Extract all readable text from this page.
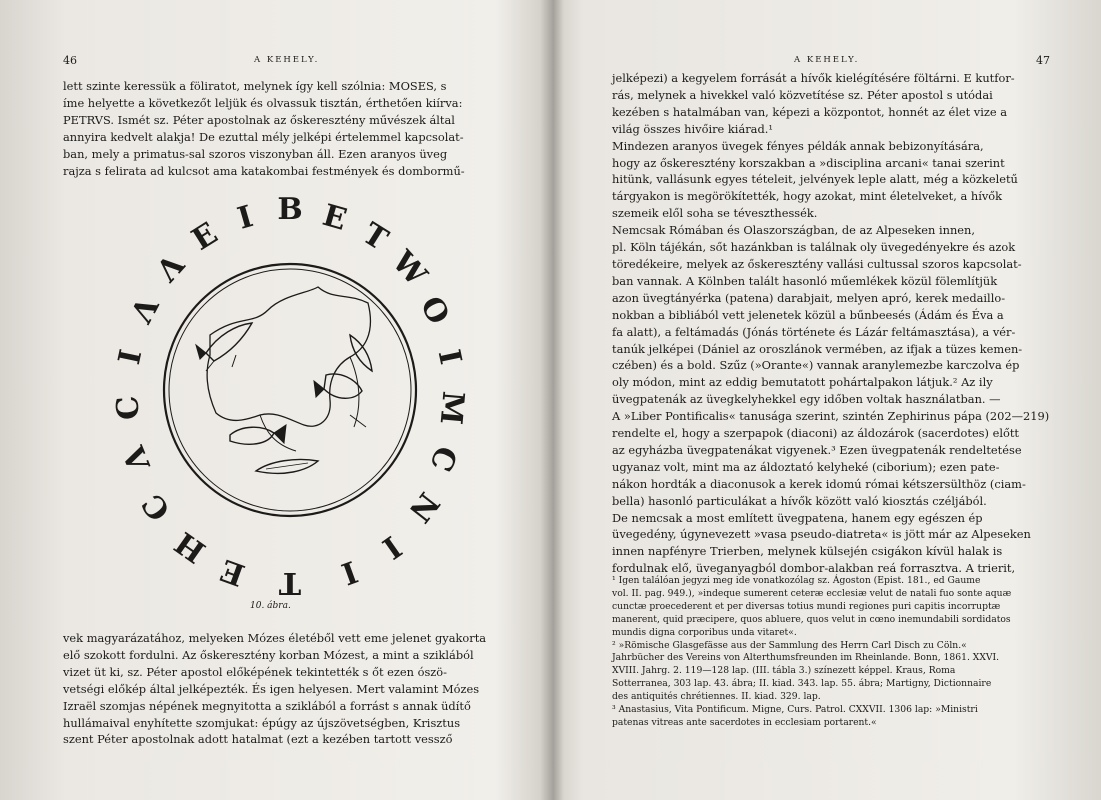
46	A KEHELY.
lett szinte keressük a föliratot, melynek így kell szólnia: MOSES, s
íme helyette a következőt leljük és olvassuk tisztán, érthetően kiírva:
PETRVS. Ismét sz. Péter apostolnak az őskeresztény művészek által
annyira kedvelt alakja! De ezuttal mély jelképi értelemmel kapcsolat-
ban, mely a primatus-sal szoros viszonyban áll. Ezen aranyos üveg
rajza s felirata ad kulcsot ama katakombai festmények és dombormű-
B
I E
E	T
Λ	W
Λ	O
I	I
C	M
Λ	C
C	N
H	I
E	I
T
10. ábra.
vek magyarázatához, melyeken Mózes életéből vett eme jelenet gyakorta
elő szokott fordulni. Az őskeresztény korban Mózest, a mint a sziklából
vizet üt ki, sz. Péter apostol előképének tekintették s őt ezen ószö-
vetségi előkép által jelképezték. És igen helyesen. Mert valamint Mózes
Izraël szomjas népének megnyitotta a sziklából a forrást s annak üdítő
hullámaival enyhítette szomjukat: épúgy az újszövetségben, Krisztus
szent Péter apostolnak adott hatalmat (ezt a kezében tartott vessző
A KEHELY.	47
jelképezi) a kegyelem forrását a hívők kielégítésére föltárni. E kutfor-
rás, melynek a hivekkel való közvetítése sz. Péter apostol s utódai
kezében s hatalmában van, képezi a központot, honnét az élet vize a
világ összes hivőire kiárad.¹
Mindezen aranyos üvegek fényes példák annak bebizonyítására,
hogy az őskeresztény korszakban a »disciplina arcani« tanai szerint
hitünk, vallásunk egyes tételeit, jelvények leple alatt, még a közkeletű
tárgyakon is megörökítették, hogy azokat, mint életelveket, a hívők
szemeik elől soha se téveszthessék.
Nemcsak Rómában és Olaszországban, de az Alpeseken innen,
pl. Köln tájékán, sőt hazánkban is találnak oly üvegedényekre és azok
töredékeire, melyek az őskeresztény vallási cultussal szoros kapcsolat-
ban vannak. A Kölnben talált hasonló műemlékek közül fölemlítjük
azon üvegtányérka (patena) darabjait, melyen apró, kerek medaillo-
nokban a bibliából vett jelenetek közül a bűnbeesés (Ádám és Éva a
fa alatt), a feltámadás (Jónás története és Lázár feltámasztása), a vér-
tanúk jelképei (Dániel az oroszlánok vermében, az ifjak a tüzes kemen-
czében) és a bold. Szűz (»Orante«) vannak aranylemezbe karczolva ép
oly módon, mint az eddig bemutatott pohártalpakon látjuk.² Az ily
üvegpatenák az üvegkelyhekkel egy időben voltak használatban. —
A »Liber Pontificalis« tanusága szerint, szintén Zephirinus pápa (202—219)
rendelte el, hogy a szerpapok (diaconi) az áldozárok (sacerdotes) előtt
az egyházba üvegpatenákat vigyenek.³ Ezen üvegpatenák rendeltetése
ugyanaz volt, mint ma az áldoztató kelyheké (ciborium); ezen pate-
nákon hordták a diaconusok a kerek idomú római kétszersülthöz (ciam-
bella) hasonló particulákat a hívők között való kiosztás czéljából.
De nemcsak a most említett üvegpatena, hanem egy egészen ép
üvegedény, úgynevezett »vasa pseudo-diatreta« is jött már az Alpeseken
innen napfényre Trierben, melynek külsején csigákon kívül halak is
fordulnak elő, üveganyagból dombor-alakban reá forrasztva. A trierit,
¹ Igen találóan jegyzi meg ide vonatkozólag sz. Ágoston (Epist. 181., ed Gaume
vol. II. pag. 949.), »indeque sumerent ceteræ ecclesiæ velut de natali fuo sonte aquæ
cunctæ proecederent et per diversas totius mundi regiones puri capitis incorruptæ
manerent, quid præcipere, quos abluere, quos velut in cœno inemundabili sordidatos
mundis digna corporibus unda vitaret«.
² »Römische Glasgefässe aus der Sammlung des Herrn Carl Disch zu Cöln.«
Jahrbücher des Vereins von Alterthumsfreunden im Rheinlande. Bonn, 1861. XXVI.
XVIII. Jahrg. 2. 119—128 lap. (III. tábla 3.) színezett képpel. Kraus, Roma
Sotterranea, 303 lap. 43. ábra; II. kiad. 343. lap. 55. ábra; Martigny, Dictionnaire
des antiquités chrétiennes. II. kiad. 329. lap.
³ Anastasius, Vita Pontificum. Migne, Curs. Patrol. CXXVII. 1306 lap: »Ministri
patenas vitreas ante sacerdotes in ecclesiam portarent.«
